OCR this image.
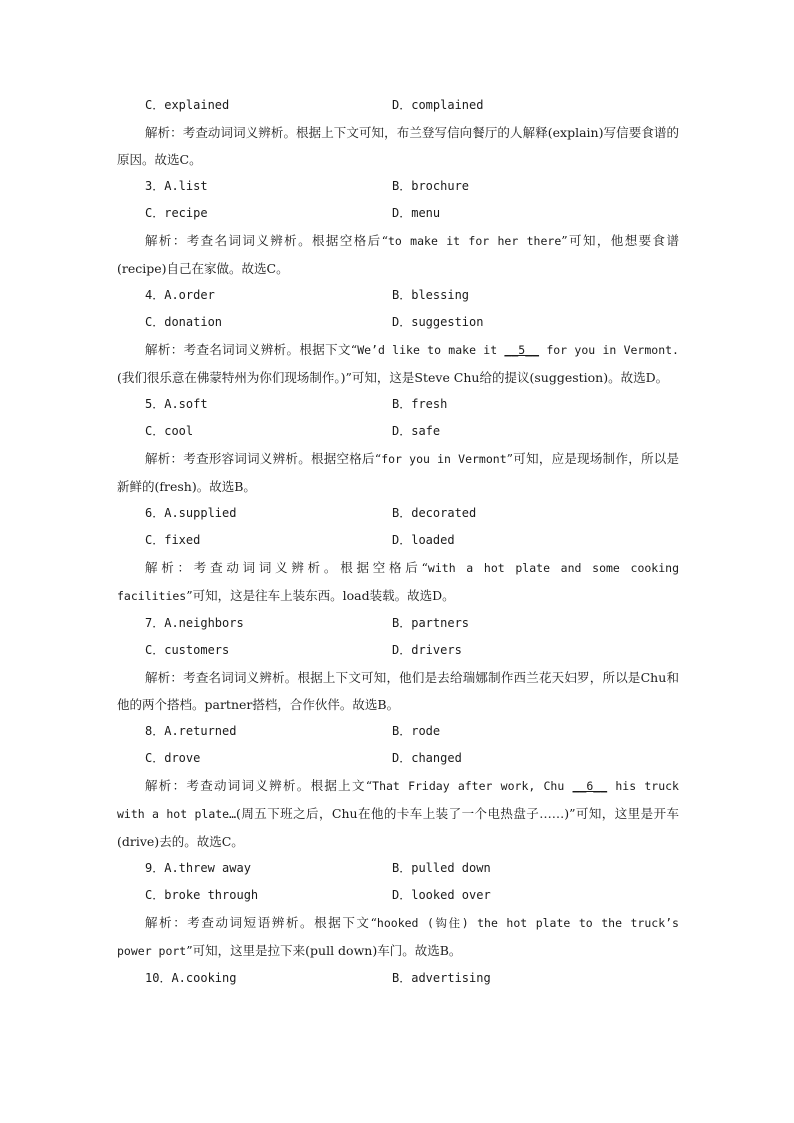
C．explained	D．complained

解析：考查动词词义辨析。根据上下文可知，布兰登写信向餐厅的人解释(explain)写信要食谱的原因。故选C。

3．A.list	B．brochure
C．recipe	D．menu

解析：考查名词词义辨析。根据空格后“to make it for her there”可知，他想要食谱(recipe)自己在家做。故选C。

4．A.order	B．blessing
C．donation	D．suggestion

解析：考查名词词义辨析。根据下文“We’d like to make it __5__ for you in Vermont.(我们很乐意在佛蒙特州为你们现场制作。)”可知，这是Steve Chu给的提议(suggestion)。故选D。

5．A.soft	B．fresh
C．cool	D．safe

解析：考查形容词词义辨析。根据空格后“for you in Vermont”可知，应是现场制作，所以是新鲜的(fresh)。故选B。

6．A.supplied	B．decorated
C．fixed	D．loaded

解析：考查动词词义辨析。根据空格后“with a hot plate and some cooking facilities”可知，这是往车上装东西。load装载。故选D。

7．A.neighbors	B．partners
C．customers	D．drivers

解析：考查名词词义辨析。根据上下文可知，他们是去给瑞娜制作西兰花天妇罗，所以是Chu和他的两个搭档。partner搭档，合作伙伴。故选B。

8．A.returned	B．rode
C．drove	D．changed

解析：考查动词词义辨析。根据上文“That Friday after work, Chu __6__ his truck with a hot plate…(周五下班之后，Chu在他的卡车上装了一个电热盘子……)”可知，这里是开车(drive)去的。故选C。

9．A.threw away	B．pulled down
C．broke through	D．looked over

解析：考查动词短语辨析。根据下文“hooked (钩住) the hot plate to the truck’s power port”可知，这里是拉下来(pull down)车门。故选B。

10．A.cooking	B．advertising
